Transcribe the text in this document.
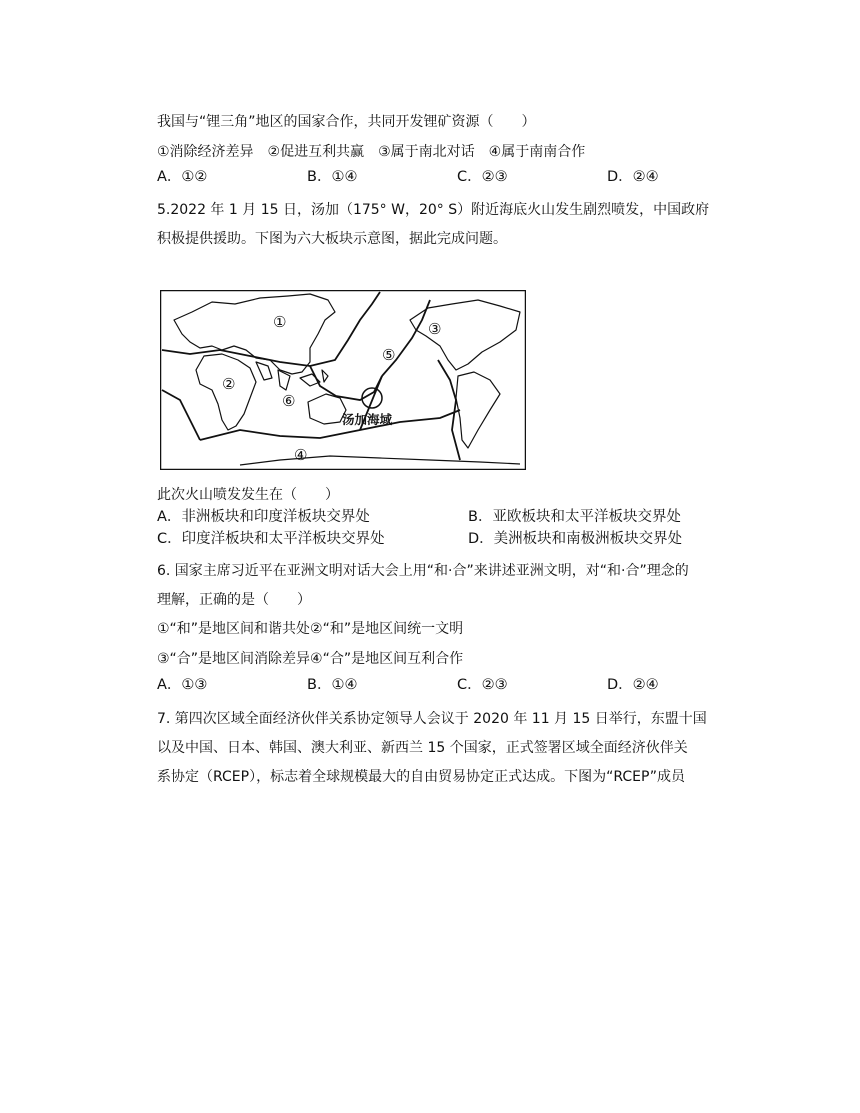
我国与“锂三角”地区的国家合作，共同开发锂矿资源（　　）
①消除经济差异　②促进互利共赢　③属于南北对话　④属于南南合作
A．①②	B．①④	C．②③	D．②④
5.2022 年 1 月 15 日，汤加（175° W，20° S）附近海底火山发生剧烈喷发，中国政府
积极提供援助。下图为六大板块示意图，据此完成问题。
①
②
③
④
⑤
⑥
汤加海域
此次火山喷发发生在（　　）
A．非洲板块和印度洋板块交界处	B．亚欧板块和太平洋板块交界处
C．印度洋板块和太平洋板块交界处	D．美洲板块和南极洲板块交界处
6. 国家主席习近平在亚洲文明对话大会上用“和·合”来讲述亚洲文明，对“和·合”理念的
理解，正确的是（　　）
①“和”是地区间和谐共处②“和”是地区间统一文明
③“合”是地区间消除差异④“合”是地区间互利合作
A．①③	B．①④	C．②③	D．②④
7. 第四次区域全面经济伙伴关系协定领导人会议于 2020 年 11 月 15 日举行，东盟十国
以及中国、日本、韩国、澳大利亚、新西兰 15 个国家，正式签署区域全面经济伙伴关
系协定（RCEP），标志着全球规模最大的自由贸易协定正式达成。下图为“RCEP”成员
